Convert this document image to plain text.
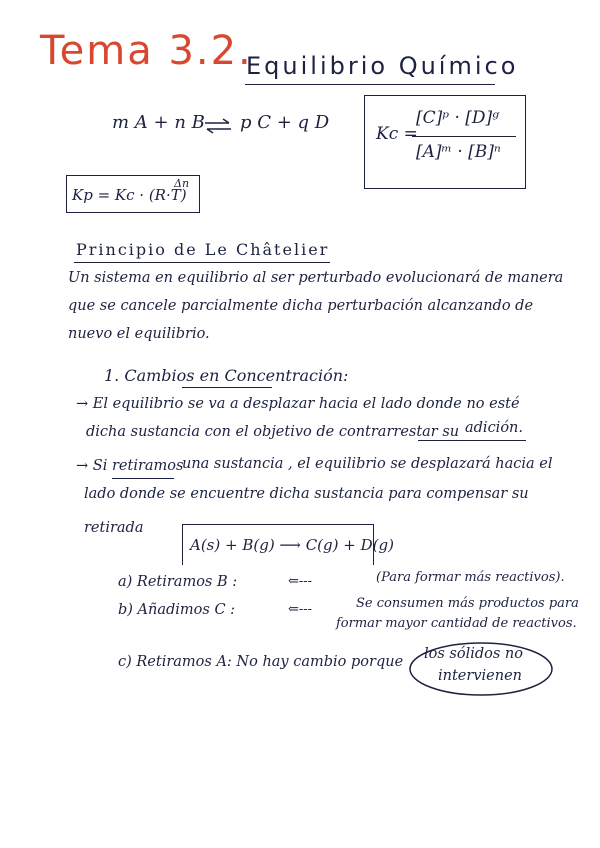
Tema 3.2.
Equilibrio Químico
m A + n B ⇌ p C + q D
Kc =
[C]ᵖ · [D]ᵍ
[A]ᵐ · [B]ⁿ
Kp = Kc · (R·T)
Δn
Principio de Le Châtelier
Un sistema en equilibrio al ser perturbado evolucionará de manera
que se cancele parcialmente dicha perturbación alcanzando de
nuevo el equilibrio.
1. Cambios en Concentración:
→ El equilibrio se va a desplazar hacia el lado donde no esté
dicha sustancia con el objetivo de contrarrestar su adición.
→ Si retiramos
una sustancia , el equilibrio se desplazará hacia el
lado donde se encuentre dicha sustancia para compensar su
retirada
A(s) + B(g) ⟶ C(g) + D(g)
a) Retiramos B :	⇐---	(Para formar más reactivos).
b) Añadimos C :	⇐---	Se consumen más productos para
formar mayor cantidad de reactivos.
c) Retiramos A: No hay cambio porque los sólidos no
intervienen
